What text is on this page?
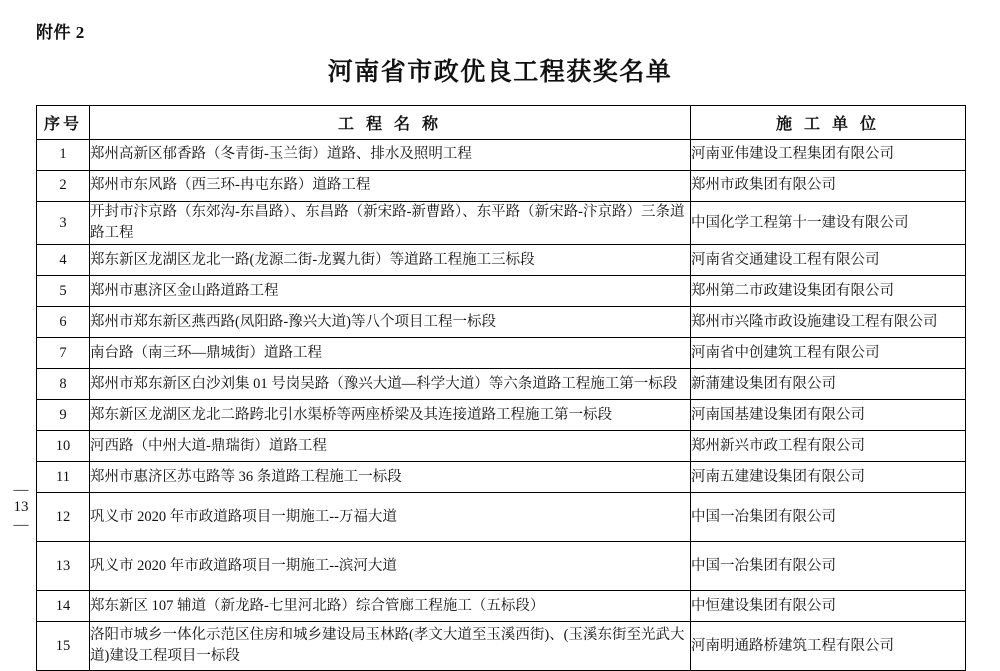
附件 2
河南省市政优良工程获奖名单
—
13
—
序号	工 程 名 称	施 工 单 位
1	郑州高新区郁香路（冬青街-玉兰街）道路、排水及照明工程	河南亚伟建设工程集团有限公司
2	郑州市东风路（西三环-冉屯东路）道路工程	郑州市政集团有限公司
3	开封市汴京路（东郊沟-东昌路）、东昌路（新宋路-新曹路）、东平路（新宋路-汴京路）三条道路工程	中国化学工程第十一建设有限公司
4	郑东新区龙湖区龙北一路(龙源二街-龙翼九街）等道路工程施工三标段	河南省交通建设工程有限公司
5	郑州市惠济区金山路道路工程	郑州第二市政建设集团有限公司
6	郑州市郑东新区燕西路(凤阳路-豫兴大道)等八个项目工程一标段	郑州市兴隆市政设施建设工程有限公司
7	南台路（南三环—鼎城街）道路工程	河南省中创建筑工程有限公司
8	郑州市郑东新区白沙刘集 01 号岗吴路（豫兴大道—科学大道）等六条道路工程施工第一标段	新蒲建设集团有限公司
9	郑东新区龙湖区龙北二路跨北引水渠桥等两座桥梁及其连接道路工程施工第一标段	河南国基建设集团有限公司
10	河西路（中州大道-鼎瑞街）道路工程	郑州新兴市政工程有限公司
11	郑州市惠济区苏屯路等 36 条道路工程施工一标段	河南五建建设集团有限公司
12	巩义市 2020 年市政道路项目一期施工--万福大道	中国一冶集团有限公司
13	巩义市 2020 年市政道路项目一期施工--滨河大道	中国一冶集团有限公司
14	郑东新区 107 辅道（新龙路-七里河北路）综合管廊工程施工（五标段）	中恒建设集团有限公司
15	洛阳市城乡一体化示范区住房和城乡建设局玉林路(孝文大道至玉溪西街)、(玉溪东街至光武大道)建设工程项目一标段	河南明通路桥建筑工程有限公司
